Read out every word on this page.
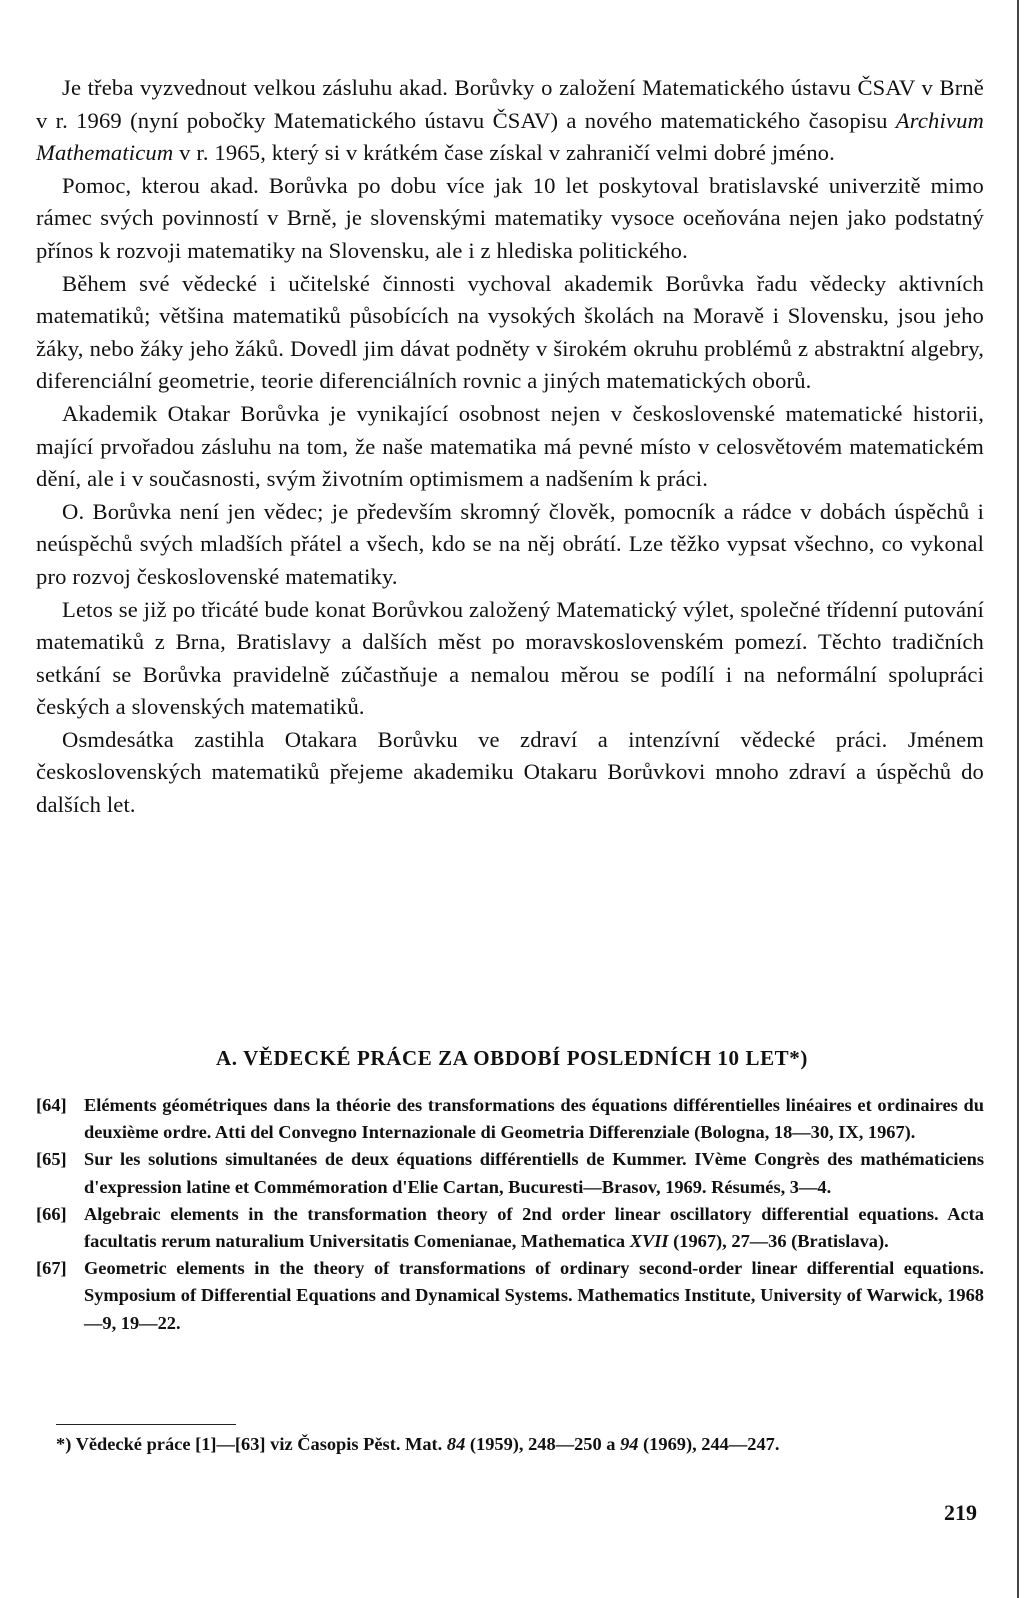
Je třeba vyzvednout velkou zásluhu akad. Borůvky o založení Matematického ústavu ČSAV v Brně v r. 1969 (nyní pobočky Matematického ústavu ČSAV) a nového matematického časopisu Archivum Mathematicum v r. 1965, který si v krátkém čase získal v zahraničí velmi dobré jméno.

Pomoc, kterou akad. Borůvka po dobu více jak 10 let poskytoval bratislavské univerzitě mimo rámec svých povinností v Brně, je slovenskými matematiky vysoce oceňována nejen jako podstatný přínos k rozvoji matematiky na Slovensku, ale i z hlediska politického.

Během své vědecké i učitelské činnosti vychoval akademik Borůvka řadu vědecky aktivních matematiků; většina matematiků působících na vysokých školách na Moravě i Slovensku, jsou jeho žáky, nebo žáky jeho žáků. Dovedl jim dávat podněty v širokém okruhu problémů z abstraktní algebry, diferenciální geometrie, teorie diferenciálních rovnic a jiných matematických oborů.

Akademik Otakar Borůvka je vynikající osobnost nejen v československé matematické historii, mající prvořadou zásluhu na tom, že naše matematika má pevné místo v celosvětovém matematickém dění, ale i v současnosti, svým životním optimismem a nadšením k práci.

O. Borůvka není jen vědec; je především skromný člověk, pomocník a rádce v dobách úspěchů i neúspěchů svých mladších přátel a všech, kdo se na něj obrátí. Lze těžko vypsat všechno, co vykonal pro rozvoj československé matematiky.

Letos se již po třicáté bude konat Borůvkou založený Matematický výlet, společné třídenní putování matematiků z Brna, Bratislavy a dalších měst po moravskoslovenském pomezí. Těchto tradičních setkání se Borůvka pravidelně zúčastňuje a nemalou měrou se podílí i na neformální spolupráci českých a slovenských matematiků.

Osmdesátka zastihla Otakara Borůvku ve zdraví a intenzívní vědecké práci. Jménem československých matematiků přejeme akademiku Otakaru Borůvkovi mnoho zdraví a úspěchů do dalších let.

A. VĚDECKÉ PRÁCE ZA OBDOBÍ POSLEDNÍCH 10 LET*)

[64] Eléments géométriques dans la théorie des transformations des équations différentielles linéaires et ordinaires du deuxième ordre. Atti del Convegno Internazionale di Geometria Differenziale (Bologna, 18—30, IX, 1967).

[65] Sur les solutions simultanées de deux équations différentiells de Kummer. IVème Congrès des mathématiciens d'expression latine et Commémoration d'Elie Cartan, Bucuresti—Brasov, 1969. Résumés, 3—4.

[66] Algebraic elements in the transformation theory of 2nd order linear oscillatory differential equations. Acta facultatis rerum naturalium Universitatis Comenianae, Mathematica XVII (1967), 27—36 (Bratislava).

[67] Geometric elements in the theory of transformations of ordinary second-order linear differential equations. Symposium of Differential Equations and Dynamical Systems. Mathematics Institute, University of Warwick, 1968—9, 19—22.

*) Vědecké práce [1]—[63] viz Časopis Pěst. Mat. 84 (1959), 248—250 a 94 (1969), 244—247.
219
